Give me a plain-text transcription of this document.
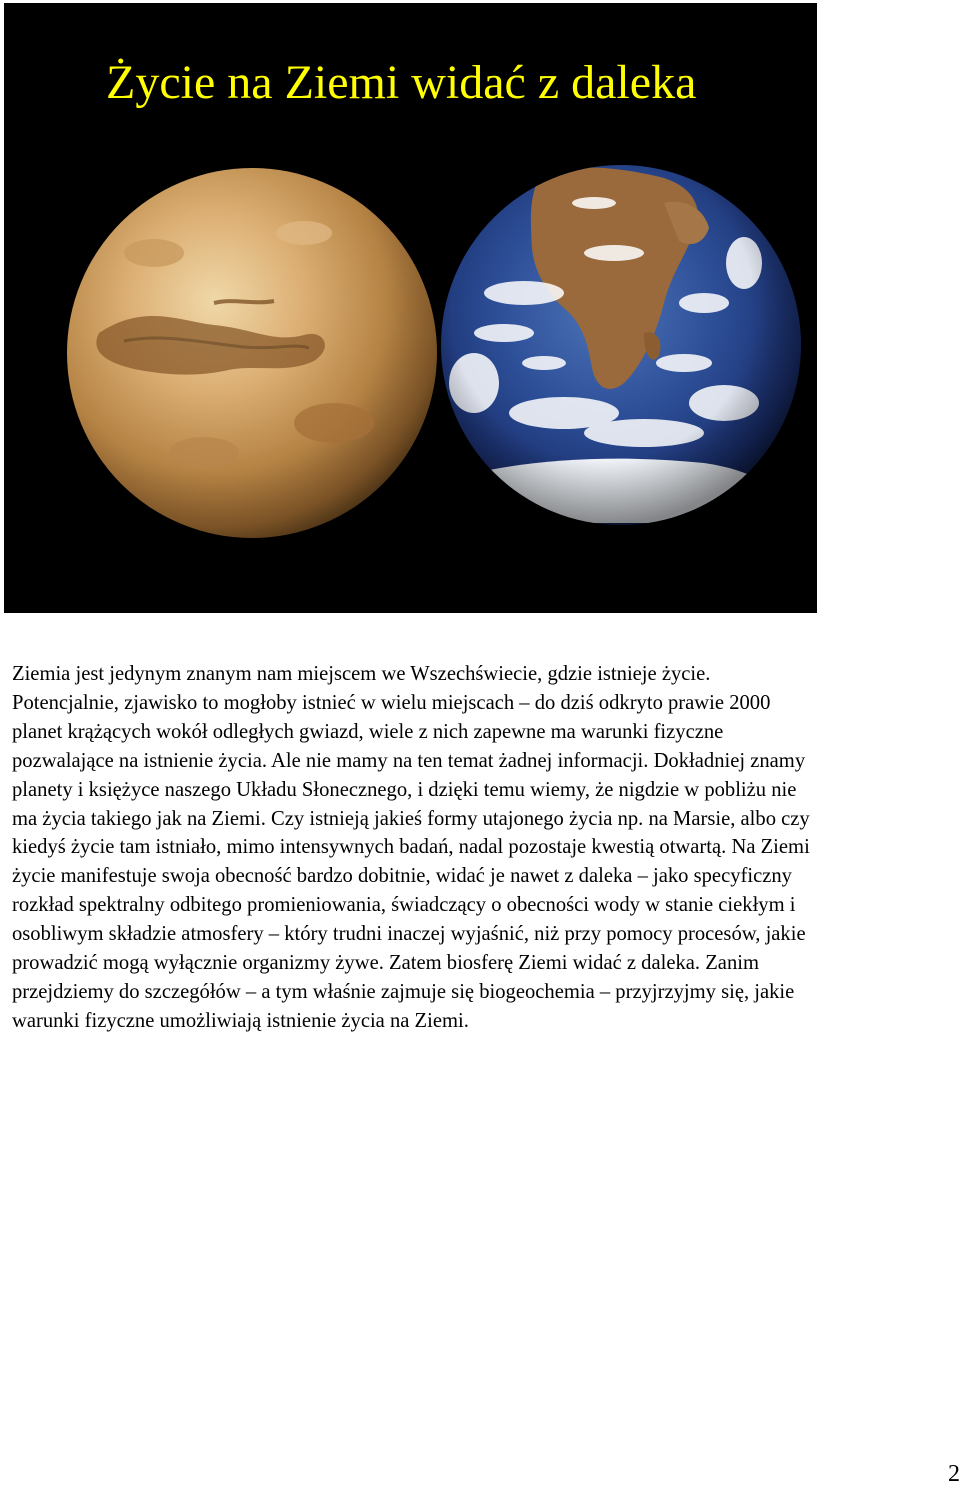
Życie na Ziemi widać z daleka

Ziemia jest jedynym znanym nam miejscem we Wszechświecie, gdzie istnieje życie. Potencjalnie, zjawisko to mogłoby istnieć w wielu miejscach – do dziś odkryto prawie 2000 planet krążących wokół odległych gwiazd, wiele z nich zapewne ma warunki fizyczne pozwalające na istnienie życia. Ale nie mamy na ten temat żadnej informacji. Dokładniej znamy planety i księżyce naszego Układu Słonecznego, i dzięki temu wiemy, że nigdzie w pobliżu nie ma życia takiego jak na Ziemi. Czy istnieją jakieś formy utajonego życia np. na Marsie, albo czy kiedyś życie tam istniało, mimo intensywnych badań, nadal pozostaje kwestią otwartą. Na Ziemi życie manifestuje swoja obecność bardzo dobitnie, widać je nawet z daleka – jako specyficzny rozkład spektralny odbitego promieniowania, świadczący o obecności wody w stanie ciekłym i osobliwym składzie atmosfery – który trudni inaczej wyjaśnić, niż przy pomocy procesów, jakie prowadzić mogą wyłącznie organizmy żywe. Zatem biosferę Ziemi widać z daleka. Zanim przejdziemy do szczegółów – a tym właśnie zajmuje się biogeochemia – przyjrzyjmy się, jakie warunki fizyczne umożliwiają istnienie życia na Ziemi.

2
